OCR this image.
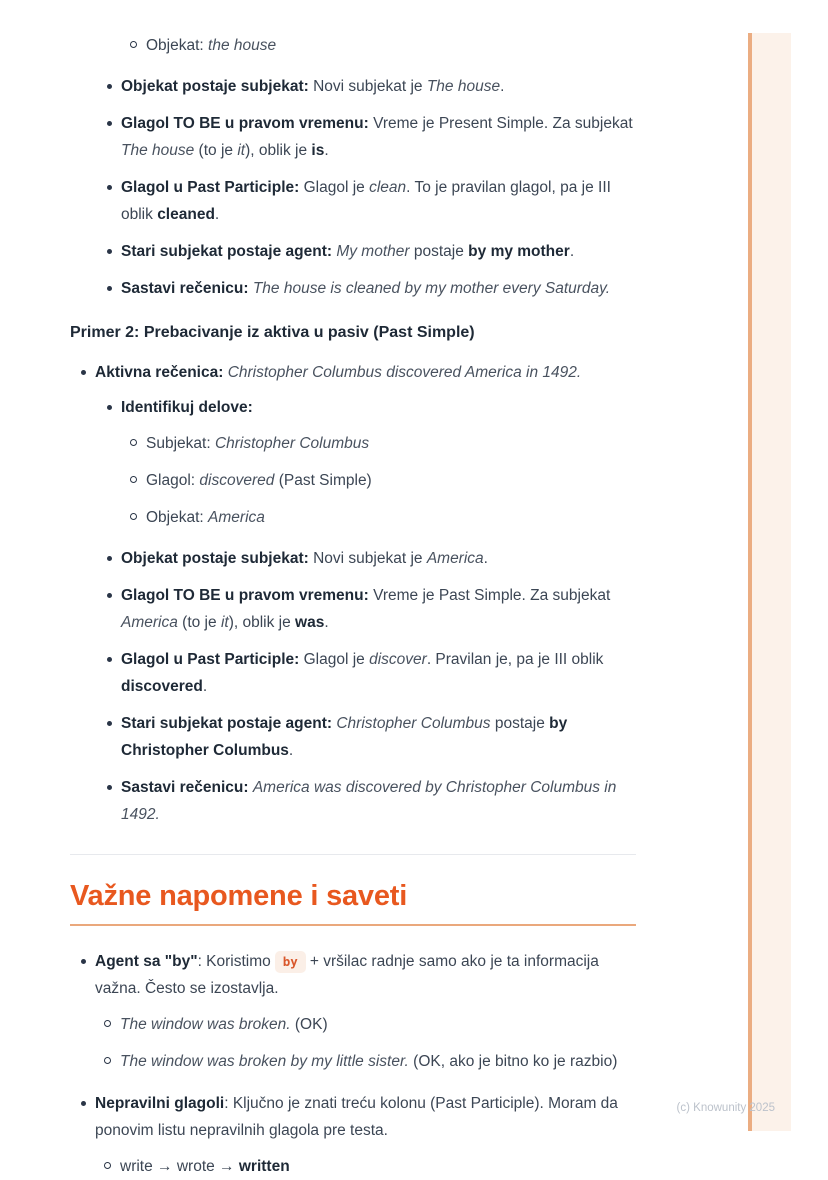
Objekat: the house
Objekat postaje subjekat: Novi subjekat je The house.
Glagol TO BE u pravom vremenu: Vreme je Present Simple. Za subjekat The house (to je it), oblik je is.
Glagol u Past Participle: Glagol je clean. To je pravilan glagol, pa je III oblik cleaned.
Stari subjekat postaje agent: My mother postaje by my mother.
Sastavi rečenicu: The house is cleaned by my mother every Saturday.
Primer 2: Prebacivanje iz aktiva u pasiv (Past Simple)
Aktivna rečenica: Christopher Columbus discovered America in 1492.
Identifikuj delove:
Subjekat: Christopher Columbus
Glagol: discovered (Past Simple)
Objekat: America
Objekat postaje subjekat: Novi subjekat je America.
Glagol TO BE u pravom vremenu: Vreme je Past Simple. Za subjekat America (to je it), oblik je was.
Glagol u Past Participle: Glagol je discover. Pravilan je, pa je III oblik discovered.
Stari subjekat postaje agent: Christopher Columbus postaje by Christopher Columbus.
Sastavi rečenicu: America was discovered by Christopher Columbus in 1492.
Važne napomene i saveti
Agent sa "by": Koristimo by + vršilac radnje samo ako je ta informacija važna. Često se izostavlja.
The window was broken. (OK)
The window was broken by my little sister. (OK, ako je bitno ko je razbio)
Nepravilni glagoli: Ključno je znati treću kolonu (Past Participle). Moram da ponovim listu nepravilnih glagola pre testa.
write → wrote → written
(c) Knowunity 2025
